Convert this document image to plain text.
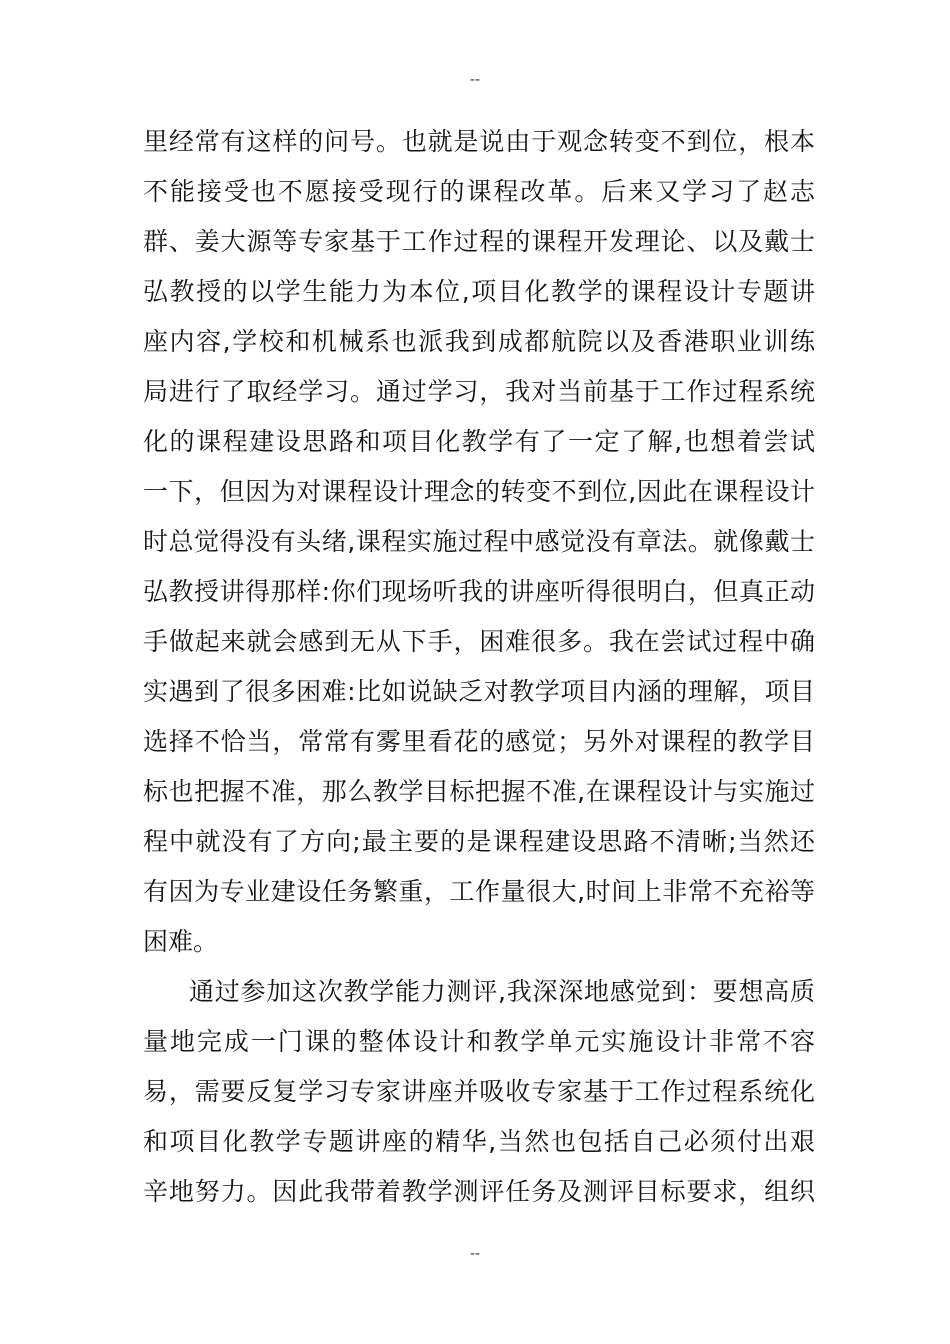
--
里经常有这样的问号。也就是说由于观念转变不到位，根本
不能接受也不愿接受现行的课程改革。后来又学习了赵志
群、姜大源等专家基于工作过程的课程开发理论、以及戴士
弘教授的以学生能力为本位,项目化教学的课程设计专题讲
座内容,学校和机械系也派我到成都航院以及香港职业训练
局进行了取经学习。通过学习，我对当前基于工作过程系统
化的课程建设思路和项目化教学有了一定了解,也想着尝试
一下，但因为对课程设计理念的转变不到位,因此在课程设计
时总觉得没有头绪,课程实施过程中感觉没有章法。就像戴士
弘教授讲得那样:你们现场听我的讲座听得很明白，但真正动
手做起来就会感到无从下手，困难很多。我在尝试过程中确
实遇到了很多困难:比如说缺乏对教学项目内涵的理解，项目
选择不恰当，常常有雾里看花的感觉；另外对课程的教学目
标也把握不准，那么教学目标把握不准,在课程设计与实施过
程中就没有了方向;最主要的是课程建设思路不清晰;当然还
有因为专业建设任务繁重，工作量很大,时间上非常不充裕等
困难。
通过参加这次教学能力测评,我深深地感觉到：要想高质
量地完成一门课的整体设计和教学单元实施设计非常不容
易，需要反复学习专家讲座并吸收专家基于工作过程系统化
和项目化教学专题讲座的精华,当然也包括自己必须付出艰
辛地努力。因此我带着教学测评任务及测评目标要求，组织
--
